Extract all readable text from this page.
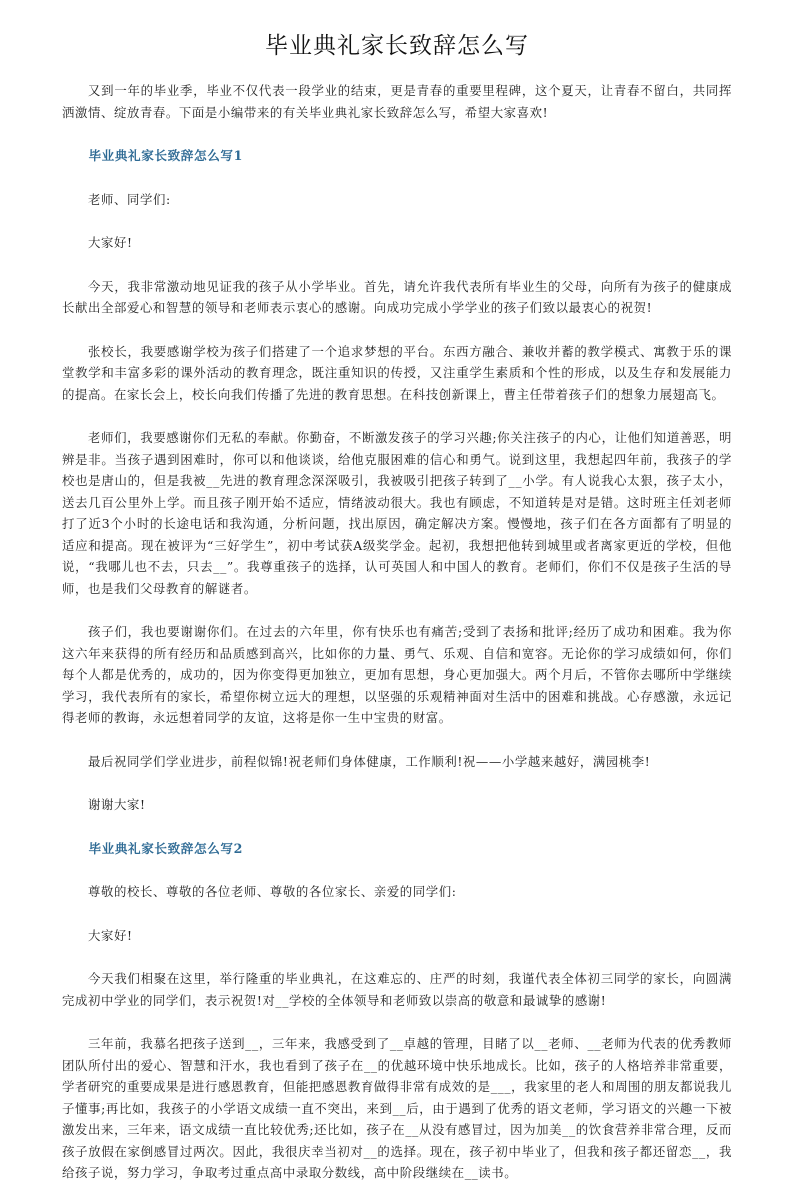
毕业典礼家长致辞怎么写

又到一年的毕业季，毕业不仅代表一段学业的结束，更是青春的重要里程碑，这个夏天，让青春不留白，共同挥洒激情、绽放青春。下面是小编带来的有关毕业典礼家长致辞怎么写，希望大家喜欢!

毕业典礼家长致辞怎么写1

老师、同学们:

大家好!

今天，我非常激动地见证我的孩子从小学毕业。首先，请允许我代表所有毕业生的父母，向所有为孩子的健康成长献出全部爱心和智慧的领导和老师表示衷心的感谢。向成功完成小学学业的孩子们致以最衷心的祝贺!

张校长，我要感谢学校为孩子们搭建了一个追求梦想的平台。东西方融合、兼收并蓄的教学模式、寓教于乐的课堂教学和丰富多彩的课外活动的教育理念，既注重知识的传授，又注重学生素质和个性的形成，以及生存和发展能力的提高。在家长会上，校长向我们传播了先进的教育思想。在科技创新课上，曹主任带着孩子们的想象力展翅高飞。

老师们，我要感谢你们无私的奉献。你勤奋，不断激发孩子的学习兴趣;你关注孩子的内心，让他们知道善恶，明辨是非。当孩子遇到困难时，你可以和他谈谈，给他克服困难的信心和勇气。说到这里，我想起四年前，我孩子的学校也是唐山的，但是我被__先进的教育理念深深吸引，我被吸引把孩子转到了__小学。有人说我心太狠，孩子太小，送去几百公里外上学。而且孩子刚开始不适应，情绪波动很大。我也有顾虑，不知道转是对是错。这时班主任刘老师打了近3个小时的长途电话和我沟通，分析问题，找出原因，确定解决方案。慢慢地，孩子们在各方面都有了明显的适应和提高。现在被评为“三好学生”，初中考试获A级奖学金。起初，我想把他转到城里或者离家更近的学校，但他说，“我哪儿也不去，只去__”。我尊重孩子的选择，认可英国人和中国人的教育。老师们，你们不仅是孩子生活的导师，也是我们父母教育的解谜者。

孩子们，我也要谢谢你们。在过去的六年里，你有快乐也有痛苦;受到了表扬和批评;经历了成功和困难。我为你这六年来获得的所有经历和品质感到高兴，比如你的力量、勇气、乐观、自信和宽容。无论你的学习成绩如何，你们每个人都是优秀的，成功的，因为你变得更加独立，更加有思想，身心更加强大。两个月后，不管你去哪所中学继续学习，我代表所有的家长，希望你树立远大的理想，以坚强的乐观精神面对生活中的困难和挑战。心存感激，永远记得老师的教诲，永远想着同学的友谊，这将是你一生中宝贵的财富。

最后祝同学们学业进步，前程似锦!祝老师们身体健康，工作顺利!祝——小学越来越好，满园桃李!

谢谢大家!

毕业典礼家长致辞怎么写2

尊敬的校长、尊敬的各位老师、尊敬的各位家长、亲爱的同学们:

大家好!

今天我们相聚在这里，举行隆重的毕业典礼，在这难忘的、庄严的时刻，我谨代表全体初三同学的家长，向圆满完成初中学业的同学们，表示祝贺!对__学校的全体领导和老师致以崇高的敬意和最诚挚的感谢!

三年前，我慕名把孩子送到__，三年来，我感受到了__卓越的管理，目睹了以__老师、__老师为代表的优秀教师团队所付出的爱心、智慧和汗水，我也看到了孩子在__的优越环境中快乐地成长。比如，孩子的人格培养非常重要，学者研究的重要成果是进行感恩教育，但能把感恩教育做得非常有成效的是___，我家里的老人和周围的朋友都说我儿子懂事;再比如，我孩子的小学语文成绩一直不突出，来到__后，由于遇到了优秀的语文老师，学习语文的兴趣一下被激发出来，三年来，语文成绩一直比较优秀;还比如，孩子在__从没有感冒过，因为加美__的饮食营养非常合理，反而孩子放假在家倒感冒过两次。因此，我很庆幸当初对__的选择。现在，孩子初中毕业了，但我和孩子都还留恋__，我给孩子说，努力学习，争取考过重点高中录取分数线，高中阶段继续在__读书。
